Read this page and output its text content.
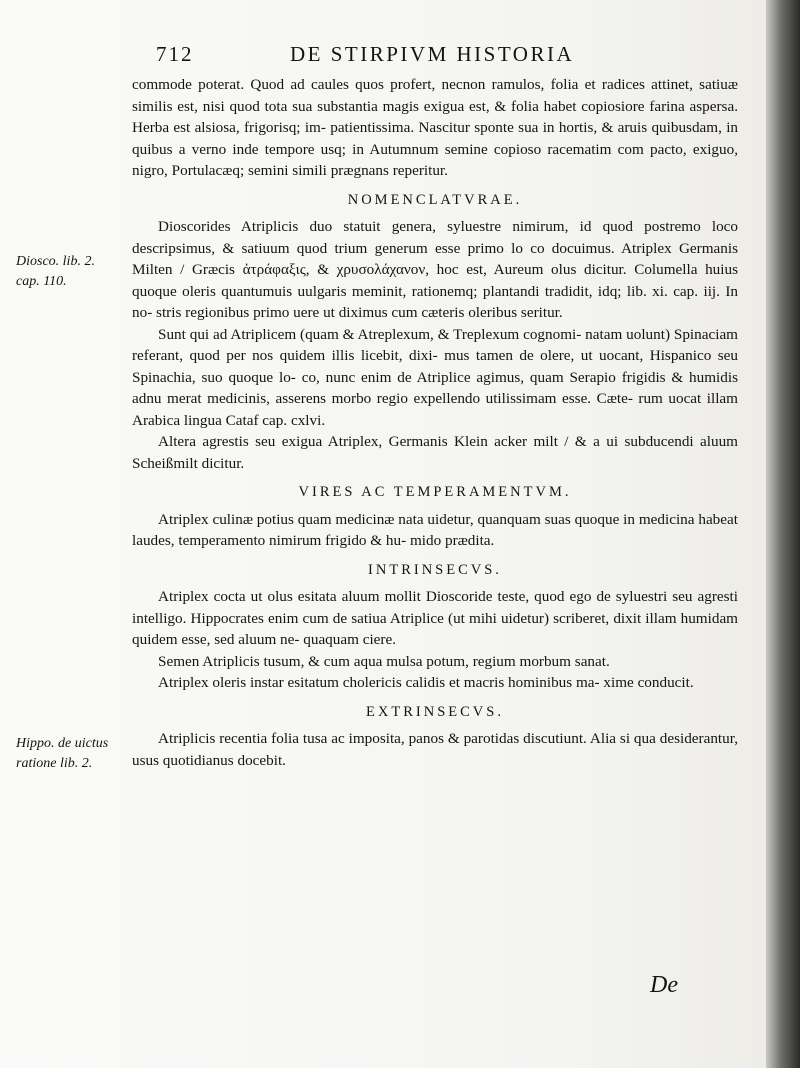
712	DE STIRPIVM HISTORIA

commode poterat. Quod ad caules quos profert, necnon ramulos, folia et radices attinet, satiuæ similis est, nisi quod tota sua substantia magis exigua est, & folia habet copiosiore farina aspersa. Herba est alsiosa, frigorisq; im- patientissima. Nascitur sponte sua in hortis, & aruis quibusdam, in quibus a verno inde tempore usq; in Autumnum semine copioso racematim com pacto, exiguo, nigro, Portulacæq; semini simili prægnans reperitur.

NOMENCLATVRAE.

Dioscorides Atriplicis duo statuit genera, syluestre nimirum, id quod postremo loco descripsimus, & satiuum quod trium generum esse primo lo co docuimus. Atriplex Germanis Milten / Græcis ἀτράφαξις, & χρυσολάχανον, hoc est, Aureum olus dicitur. Columella huius quoque oleris quantumuis uulgaris meminit, rationemq; plantandi tradidit, idq; lib. xi. cap. iij. In no- stris regionibus primo uere ut diximus cum cæteris oleribus seritur.

Sunt qui ad Atriplicem (quam & Atreplexum, & Treplexum cognomi- natam uolunt) Spinaciam referant, quod per nos quidem illis licebit, dixi- mus tamen de olere, ut uocant, Hispanico seu Spinachia, suo quoque lo- co, nunc enim de Atriplice agimus, quam Serapio frigidis & humidis adnu merat medicinis, asserens morbo regio expellendo utilissimam esse. Cæte- rum uocat illam Arabica lingua Cataf cap. cxlvi.

Altera agrestis seu exigua Atriplex, Germanis Klein acker milt / & a ui subducendi aluum Scheißmilt dicitur.

VIRES AC TEMPERAMENTVM.

Atriplex culinæ potius quam medicinæ nata uidetur, quanquam suas quoque in medicina habeat laudes, temperamento nimirum frigido & hu- mido prædita.

INTRINSECVS.

Atriplex cocta ut olus esitata aluum mollit Dioscoride teste, quod ego de syluestri seu agresti intelligo. Hippocrates enim cum de satiua Atriplice (ut mihi uidetur) scriberet, dixit illam humidam quidem esse, sed aluum ne- quaquam ciere.

Semen Atriplicis tusum, & cum aqua mulsa potum, regium morbum sanat.

Atriplex oleris instar esitatum cholericis calidis et macris hominibus ma- xime conducit.

EXTRINSECVS.

Atriplicis recentia folia tusa ac imposita, panos & parotidas discutiunt. Alia si qua desiderantur, usus quotidianus docebit.

Diosco. lib. 2.
cap. 110.
Hippo. de uictus
ratione lib. 2.
De
